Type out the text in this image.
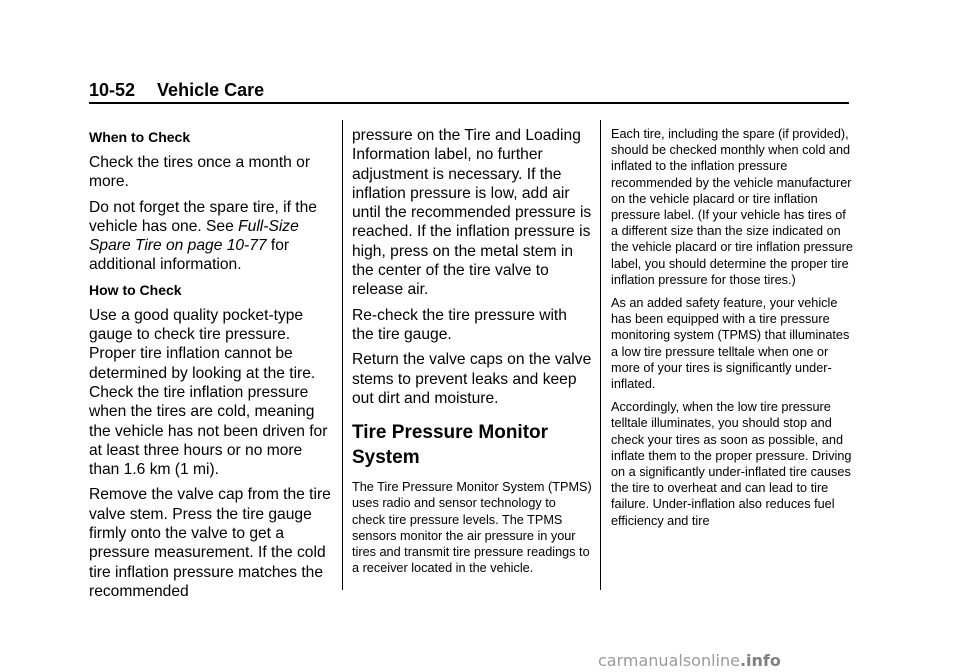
10-52 Vehicle Care
When to Check

Check the tires once a month or more.

Do not forget the spare tire, if the vehicle has one. See Full-Size Spare Tire on page 10-77 for additional information.

How to Check

Use a good quality pocket-type gauge to check tire pressure. Proper tire inflation cannot be determined by looking at the tire. Check the tire inflation pressure when the tires are cold, meaning the vehicle has not been driven for at least three hours or no more than 1.6 km (1 mi).

Remove the valve cap from the tire valve stem. Press the tire gauge firmly onto the valve to get a pressure measurement. If the cold tire inflation pressure matches the recommended

pressure on the Tire and Loading Information label, no further adjustment is necessary. If the inflation pressure is low, add air until the recommended pressure is reached. If the inflation pressure is high, press on the metal stem in the center of the tire valve to release air.

Re-check the tire pressure with the tire gauge.

Return the valve caps on the valve stems to prevent leaks and keep out dirt and moisture.

Tire Pressure Monitor System

The Tire Pressure Monitor System (TPMS) uses radio and sensor technology to check tire pressure levels. The TPMS sensors monitor the air pressure in your tires and transmit tire pressure readings to a receiver located in the vehicle.

Each tire, including the spare (if provided), should be checked monthly when cold and inflated to the inflation pressure recommended by the vehicle manufacturer on the vehicle placard or tire inflation pressure label. (If your vehicle has tires of a different size than the size indicated on the vehicle placard or tire inflation pressure label, you should determine the proper tire inflation pressure for those tires.)

As an added safety feature, your vehicle has been equipped with a tire pressure monitoring system (TPMS) that illuminates a low tire pressure telltale when one or more of your tires is significantly under-inflated.

Accordingly, when the low tire pressure telltale illuminates, you should stop and check your tires as soon as possible, and inflate them to the proper pressure. Driving on a significantly under-inflated tire causes the tire to overheat and can lead to tire failure. Under-inflation also reduces fuel efficiency and tire

carmanualsonline.info
